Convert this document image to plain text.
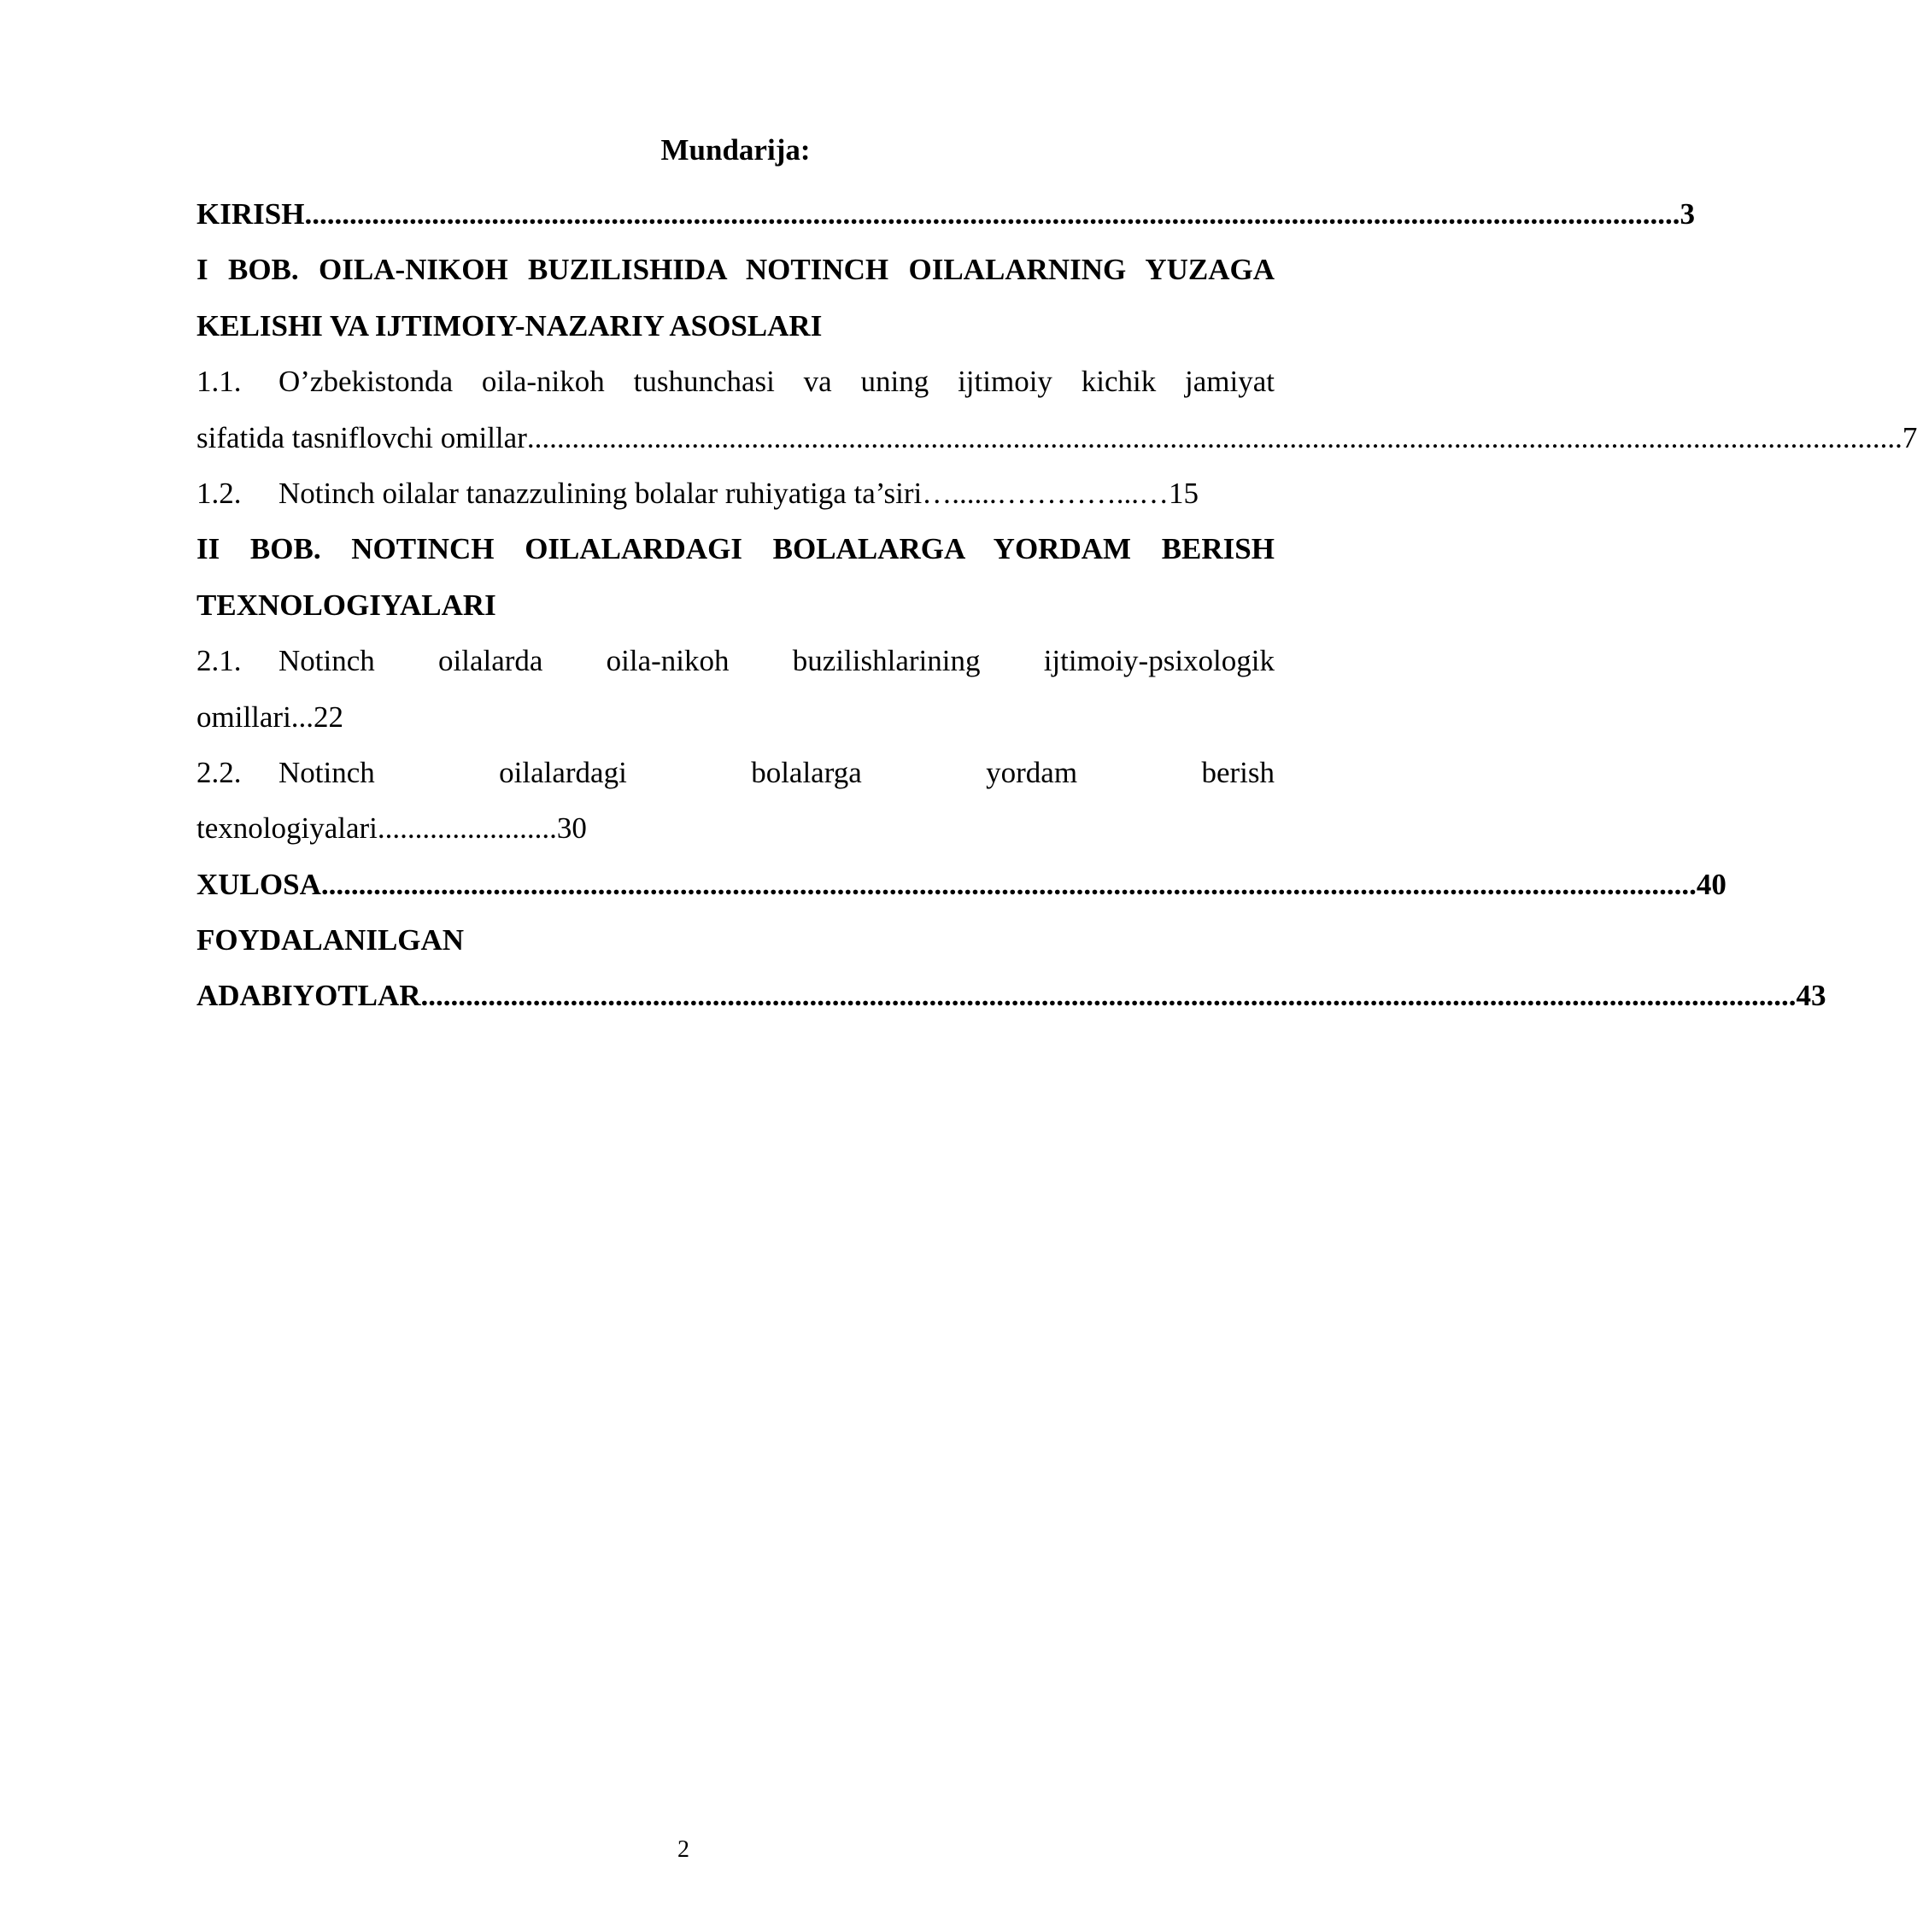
Mundarija:
KIRISH ........................................................................................................................................................................................ 3
I BOB. OILA-NIKOH BUZILISHIDA NOTINCH OILALARNING YUZAGA
KELISHI VA IJTIMOIY-NAZARIY ASOSLARI
1.1.	O’zbekistonda oila-nikoh tushunchasi va uning ijtimoiy kichik jamiyat
sifatida tasniflovchi omillar ........................................................................................................................................................................................ 7
1.2. Notinch oilalar tanazzulining bolalar ruhiyatiga ta’siri…......…………...…15
II BOB. NOTINCH OILALARDAGI BOLALARGA YORDAM BERISH
TEXNOLOGIYALARI
2.1.	Notinch oilalarda oila-nikoh buzilishlarining ijtimoiy-psixologik
omillari...22
2.2.	Notinch oilalardagi bolalarga yordam berish
texnologiyalari........................30
XULOSA ........................................................................................................................................................................................ 40
FOYDALANILGAN
ADABIYOTLAR ........................................................................................................................................................................................ 43
2
